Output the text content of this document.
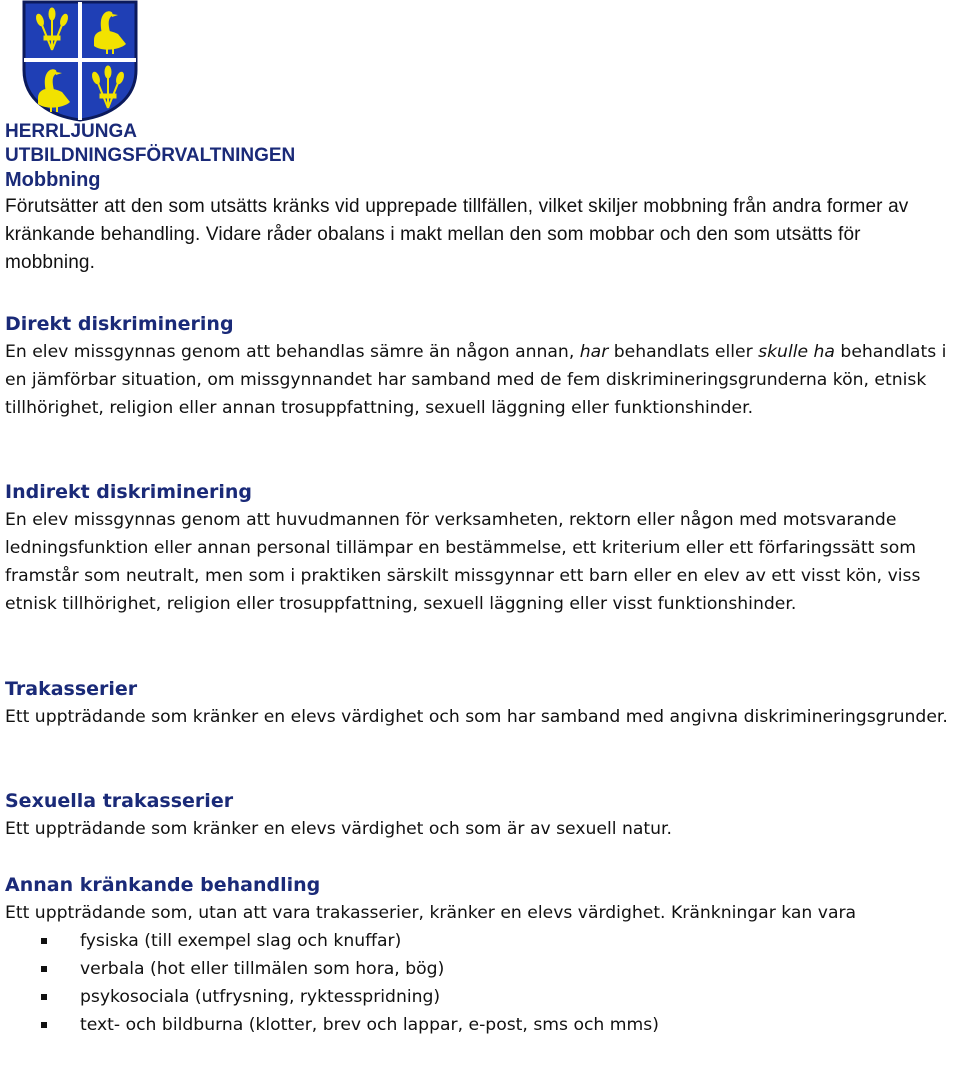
HERRLJUNGA

UTBILDNINGSFÖRVALTNINGEN

Mobbning

Förutsätter att den som utsätts kränks vid upprepade tillfällen, vilket skiljer mobbning från andra former av kränkande behandling. Vidare råder obalans i makt mellan den som mobbar och den som utsätts för mobbning.

Direkt diskriminering

En elev missgynnas genom att behandlas sämre än någon annan, har behandlats eller skulle ha behandlats i en jämförbar situation, om missgynnandet har samband med de fem diskrimineringsgrunderna kön, etnisk tillhörighet, religion eller annan trosuppfattning, sexuell läggning eller funktionshinder.

Indirekt diskriminering

En elev missgynnas genom att huvudmannen för verksamheten, rektorn eller någon med motsvarande ledningsfunktion eller annan personal tillämpar en bestämmelse, ett kriterium eller ett förfaringssätt som framstår som neutralt, men som i praktiken särskilt missgynnar ett barn eller en elev av ett visst kön, viss etnisk tillhörighet, religion eller trosuppfattning, sexuell läggning eller visst funktionshinder.

Trakasserier

Ett uppträdande som kränker en elevs värdighet och som har samband med angivna diskrimineringsgrunder.

Sexuella trakasserier

Ett uppträdande som kränker en elevs värdighet och som är av sexuell natur.

Annan kränkande behandling

Ett uppträdande som, utan att vara trakasserier, kränker en elevs värdighet. Kränkningar kan vara

fysiska (till exempel slag och knuffar)
verbala (hot eller tillmälen som hora, bög)
psykosociala (utfrysning, ryktesspridning)
text- och bildburna (klotter, brev och lappar, e-post, sms och mms)
